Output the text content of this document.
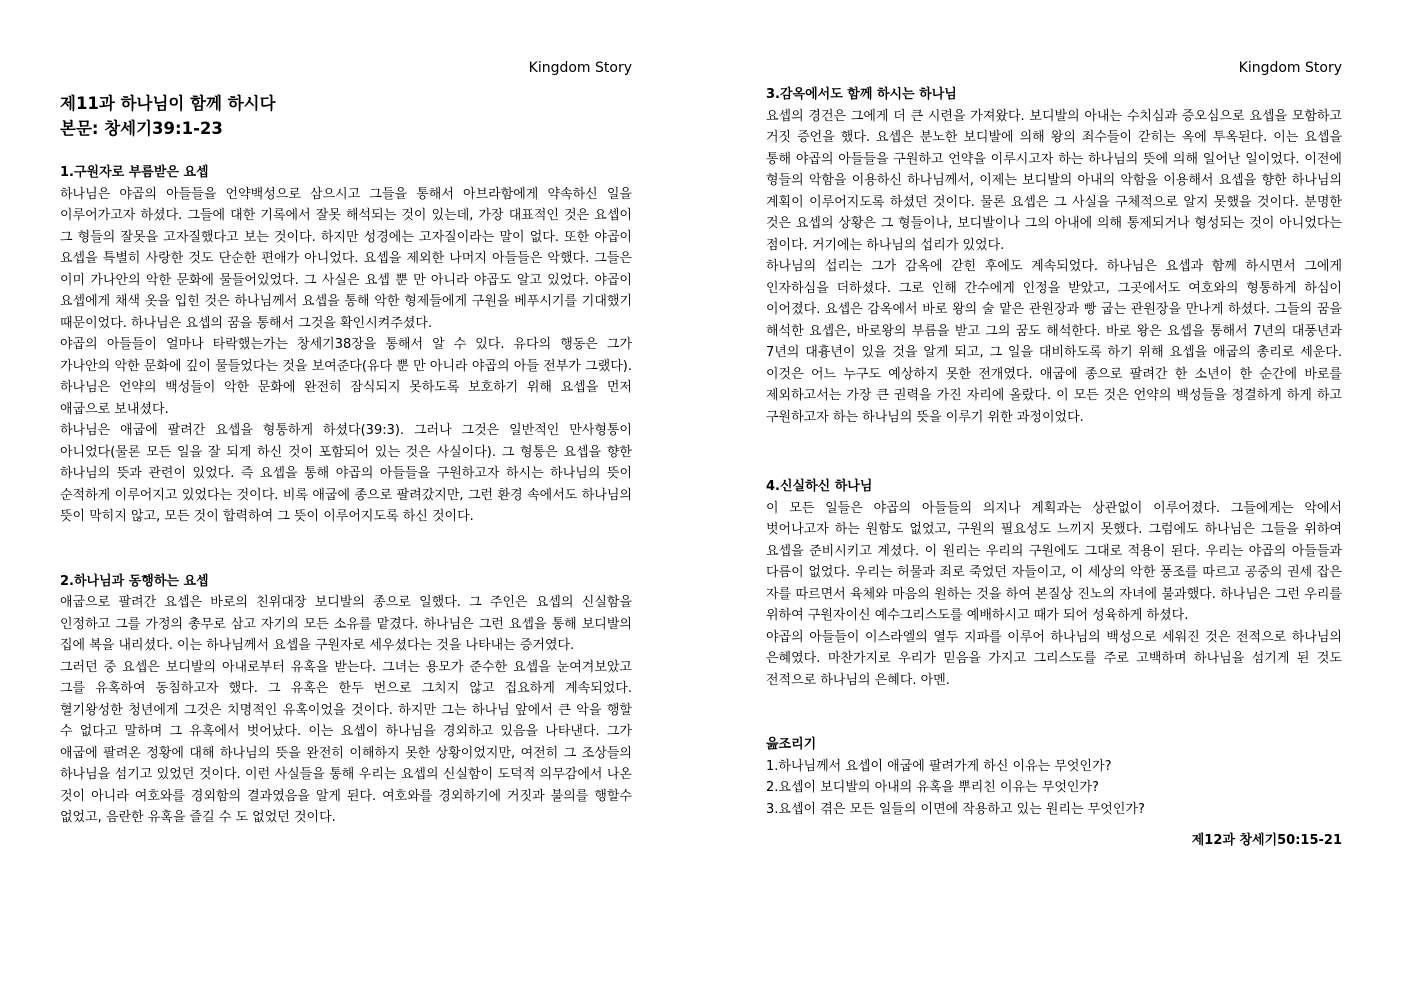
Kingdom Story
제11과 하나님이 함께 하시다
본문: 창세기39:1-23
1.구원자로 부름받은 요셉

하나님은 야곱의 아들들을 언약백성으로 삼으시고 그들을 통해서 아브라함에게 약속하신 일을 이루어가고자 하셨다. 그들에 대한 기록에서 잘못 해석되는 것이 있는데, 가장 대표적인 것은 요셉이 그 형들의 잘못을 고자질했다고 보는 것이다. 하지만 성경에는 고자질이라는 말이 없다. 또한 야곱이 요셉을 특별히 사랑한 것도 단순한 편애가 아니었다. 요셉을 제외한 나머지 아들들은 악했다. 그들은 이미 가나안의 악한 문화에 물들어있었다. 그 사실은 요셉 뿐 만 아니라 야곱도 알고 있었다. 야곱이 요셉에게 채색 옷을 입힌 것은 하나님께서 요셉을 통해 악한 형제들에게 구원을 베푸시기를 기대했기 때문이었다. 하나님은 요셉의 꿈을 통해서 그것을 확인시켜주셨다.

야곱의 아들들이 얼마나 타락했는가는 창세기38장을 통해서 알 수 있다. 유다의 행동은 그가 가나안의 악한 문화에 깊이 물들었다는 것을 보여준다(유다 뿐 만 아니라 야곱의 아들 전부가 그랬다). 하나님은 언약의 백성들이 악한 문화에 완전히 잠식되지 못하도록 보호하기 위해 요셉을 먼저 애굽으로 보내셨다.

하나님은 애굽에 팔려간 요셉을 형통하게 하셨다(39:3). 그러나 그것은 일반적인 만사형통이 아니었다(물론 모든 일을 잘 되게 하신 것이 포함되어 있는 것은 사실이다). 그 형통은 요셉을 향한 하나님의 뜻과 관련이 있었다. 즉 요셉을 통해 야곱의 아들들을 구원하고자 하시는 하나님의 뜻이 순적하게 이루어지고 있었다는 것이다. 비록 애굽에 종으로 팔려갔지만, 그런 환경 속에서도 하나님의 뜻이 막히지 않고, 모든 것이 합력하여 그 뜻이 이루어지도록 하신 것이다.

2.하나님과 동행하는 요셉

애굽으로 팔려간 요셉은 바로의 친위대장 보디발의 종으로 일했다. 그 주인은 요셉의 신실함을 인정하고 그를 가정의 총무로 삼고 자기의 모든 소유를 맡겼다. 하나님은 그런 요셉을 통해 보디발의 집에 복을 내리셨다. 이는 하나님께서 요셉을 구원자로 세우셨다는 것을 나타내는 증거였다.

그러던 중 요셉은 보디발의 아내로부터 유혹을 받는다. 그녀는 용모가 준수한 요셉을 눈여겨보았고 그를 유혹하여 동침하고자 했다. 그 유혹은 한두 번으로 그치지 않고 집요하게 계속되었다. 혈기왕성한 청년에게 그것은 치명적인 유혹이었을 것이다. 하지만 그는 하나님 앞에서 큰 악을 행할 수 없다고 말하며 그 유혹에서 벗어났다. 이는 요셉이 하나님을 경외하고 있음을 나타낸다. 그가 애굽에 팔려온 정황에 대해 하나님의 뜻을 완전히 이해하지 못한 상황이었지만, 여전히 그 조상들의 하나님을 섬기고 있었던 것이다. 이런 사실들을 통해 우리는 요셉의 신실함이 도덕적 의무감에서 나온 것이 아니라 여호와를 경외함의 결과였음을 알게 된다. 여호와를 경외하기에 거짓과 불의를 행할수 없었고, 음란한 유혹을 즐길 수 도 없었던 것이다.

Kingdom Story
3.감옥에서도 함께 하시는 하나님

요셉의 경건은 그에게 더 큰 시련을 가져왔다. 보디발의 아내는 수치심과 증오심으로 요셉을 모함하고 거짓 증언을 했다. 요셉은 분노한 보디발에 의해 왕의 죄수들이 갇히는 옥에 투옥된다. 이는 요셉을 통해 야곱의 아들들을 구원하고 언약을 이루시고자 하는 하나님의 뜻에 의해 일어난 일이었다. 이전에 형들의 악함을 이용하신 하나님께서, 이제는 보디발의 아내의 악함을 이용해서 요셉을 향한 하나님의 계획이 이루어지도록 하셨던 것이다. 물론 요셉은 그 사실을 구체적으로 알지 못했을 것이다. 분명한 것은 요셉의 상황은 그 형들이나, 보디발이나 그의 아내에 의해 통제되거나 형성되는 것이 아니었다는 점이다. 거기에는 하나님의 섭리가 있었다.

하나님의 섭리는 그가 감옥에 갇힌 후에도 계속되었다. 하나님은 요셉과 함께 하시면서 그에게 인자하심을 더하셨다. 그로 인해 간수에게 인정을 받았고, 그곳에서도 여호와의 형통하게 하심이 이어졌다. 요셉은 감옥에서 바로 왕의 술 맡은 관원장과 빵 굽는 관원장을 만나게 하셨다. 그들의 꿈을 해석한 요셉은, 바로왕의 부름을 받고 그의 꿈도 해석한다. 바로 왕은 요셉을 통해서 7년의 대풍년과 7년의 대흉년이 있을 것을 알게 되고, 그 일을 대비하도록 하기 위해 요셉을 애굽의 총리로 세운다. 이것은 어느 누구도 예상하지 못한 전개였다. 애굽에 종으로 팔려간 한 소년이 한 순간에 바로를 제외하고서는 가장 큰 권력을 가진 자리에 올랐다. 이 모든 것은 언약의 백성들을 정결하게 하게 하고 구원하고자 하는 하나님의 뜻을 이루기 위한 과정이었다.

4.신실하신 하나님

이 모든 일들은 야곱의 아들들의 의지나 계획과는 상관없이 이루어졌다. 그들에게는 악에서 벗어나고자 하는 원함도 없었고, 구원의 필요성도 느끼지 못했다. 그럼에도 하나님은 그들을 위하여 요셉을 준비시키고 계셨다. 이 원리는 우리의 구원에도 그대로 적용이 된다. 우리는 야곱의 아들들과 다름이 없었다. 우리는 허물과 죄로 죽었던 자들이고, 이 세상의 악한 풍조를 따르고 공중의 권세 잡은 자를 따르면서 육체와 마음의 원하는 것을 하여 본질상 진노의 자녀에 불과했다. 하나님은 그런 우리를 위하여 구원자이신 예수그리스도를 예배하시고 때가 되어 성육하게 하셨다.

야곱의 아들들이 이스라엘의 열두 지파를 이루어 하나님의 백성으로 세워진 것은 전적으로 하나님의 은혜였다. 마찬가지로 우리가 믿음을 가지고 그리스도를 주로 고백하며 하나님을 섬기게 된 것도 전적으로 하나님의 은혜다. 아멘.

읊조리기

1.하나님께서 요셉이 애굽에 팔려가게 하신 이유는 무엇인가?

2.요셉이 보디발의 아내의 유혹을 뿌리친 이유는 무엇인가?

3.요셉이 겪은 모든 일들의 이면에 작용하고 있는 원리는 무엇인가?

제12과 창세기50:15-21
